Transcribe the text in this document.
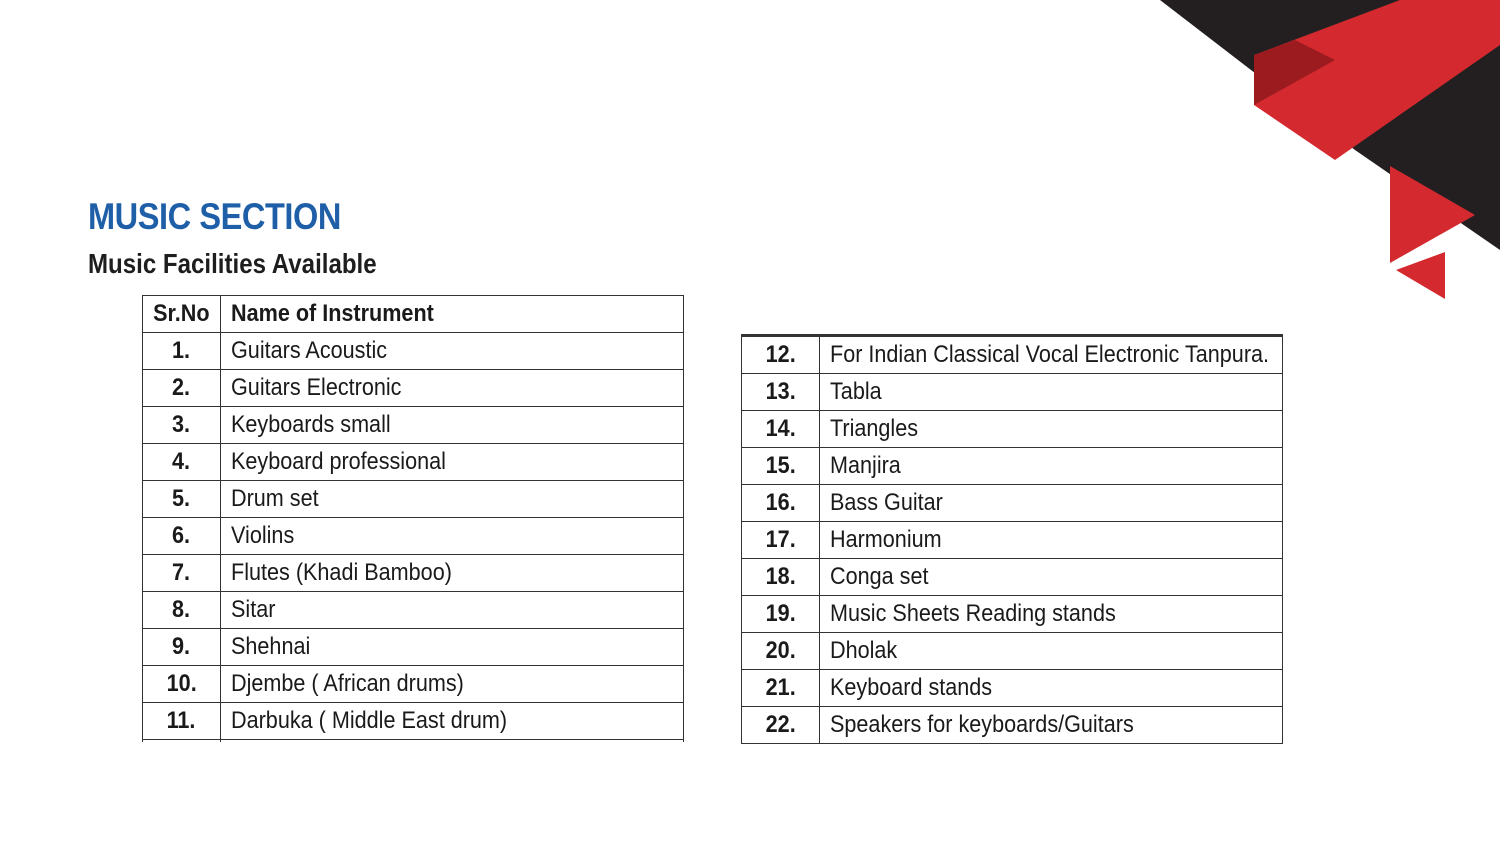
MUSIC SECTION
Music Facilities Available
Sr.No	Name of Instrument
1.	Guitars Acoustic
2.	Guitars Electronic
3.	Keyboards small
4.	Keyboard professional
5.	Drum set
6.	Violins
7.	Flutes (Khadi Bamboo)
8.	Sitar
9.	Shehnai
10.	Djembe ( African drums)
11.	Darbuka ( Middle East drum)

12.	For Indian Classical Vocal Electronic Tanpura.
13.	Tabla
14.	Triangles
15.	Manjira
16.	Bass Guitar
17.	Harmonium
18.	Conga set
19.	Music Sheets Reading stands
20.	Dholak
21.	Keyboard stands
22.	Speakers for keyboards/Guitars
